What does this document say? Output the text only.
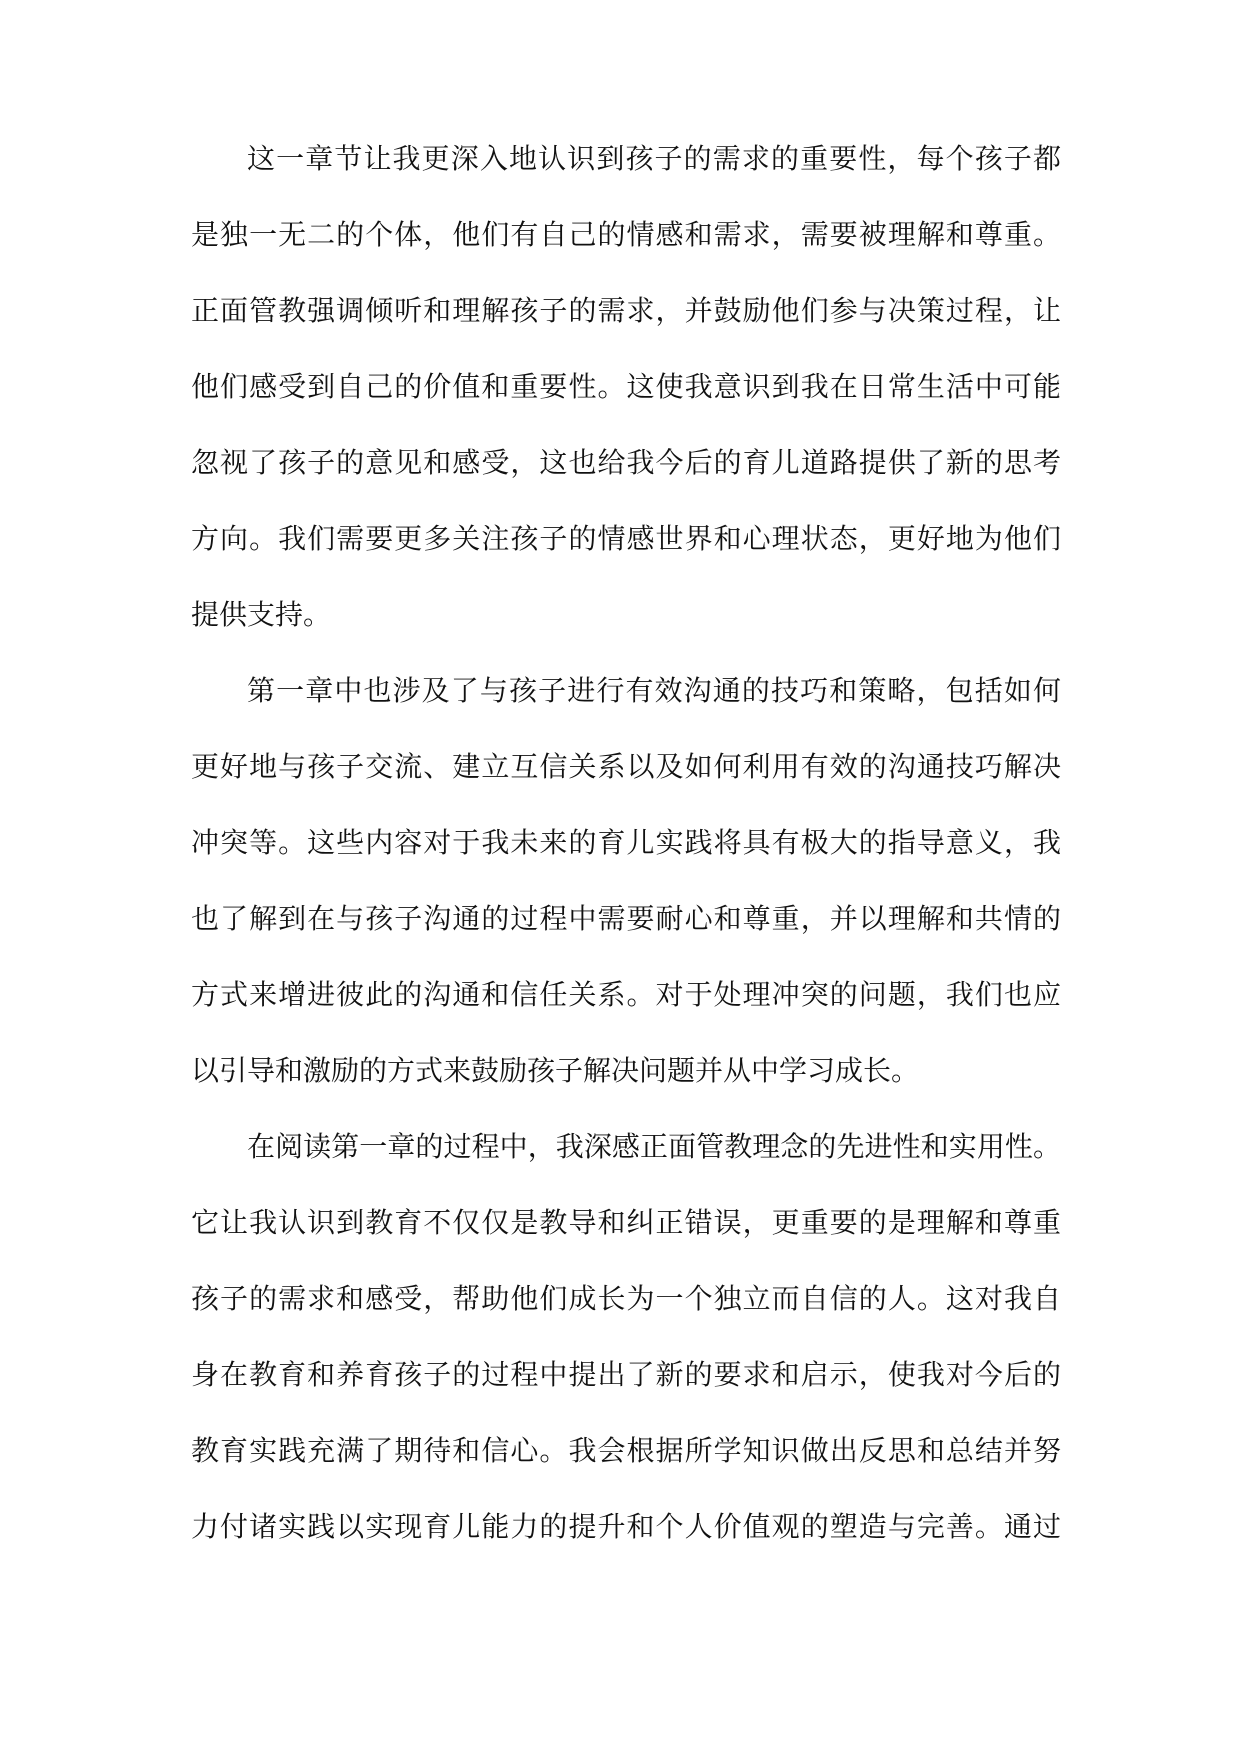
这一章节让我更深入地认识到孩子的需求的重要性，每个孩子都
是独一无二的个体，他们有自己的情感和需求，需要被理解和尊重。
正面管教强调倾听和理解孩子的需求，并鼓励他们参与决策过程，让
他们感受到自己的价值和重要性。这使我意识到我在日常生活中可能
忽视了孩子的意见和感受，这也给我今后的育儿道路提供了新的思考
方向。我们需要更多关注孩子的情感世界和心理状态，更好地为他们
提供支持。
第一章中也涉及了与孩子进行有效沟通的技巧和策略，包括如何
更好地与孩子交流、建立互信关系以及如何利用有效的沟通技巧解决
冲突等。这些内容对于我未来的育儿实践将具有极大的指导意义，我
也了解到在与孩子沟通的过程中需要耐心和尊重，并以理解和共情的
方式来增进彼此的沟通和信任关系。对于处理冲突的问题，我们也应
以引导和激励的方式来鼓励孩子解决问题并从中学习成长。
在阅读第一章的过程中，我深感正面管教理念的先进性和实用性。
它让我认识到教育不仅仅是教导和纠正错误，更重要的是理解和尊重
孩子的需求和感受，帮助他们成长为一个独立而自信的人。这对我自
身在教育和养育孩子的过程中提出了新的要求和启示，使我对今后的
教育实践充满了期待和信心。我会根据所学知识做出反思和总结并努
力付诸实践以实现育儿能力的提升和个人价值观的塑造与完善。通过
